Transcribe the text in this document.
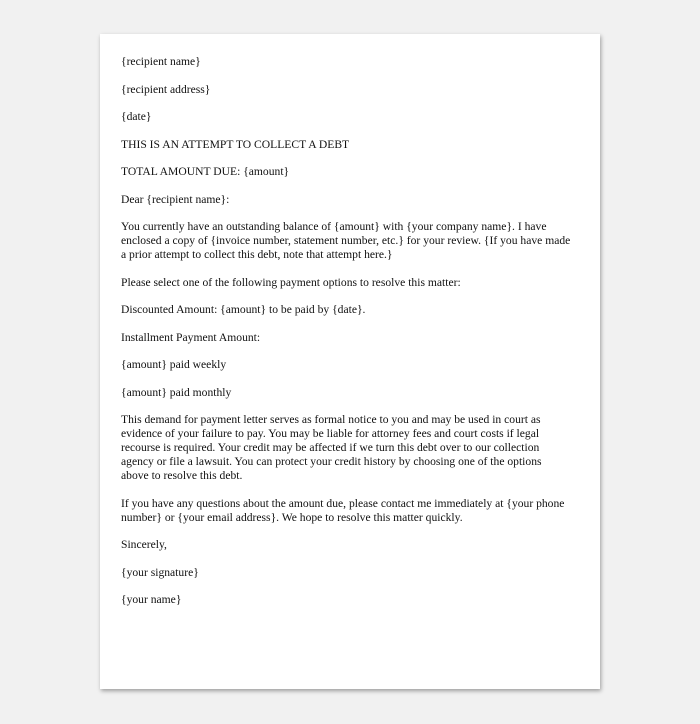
{recipient name}

{recipient address}

{date}

THIS IS AN ATTEMPT TO COLLECT A DEBT

TOTAL AMOUNT DUE: {amount}

Dear {recipient name}:

You currently have an outstanding balance of {amount} with {your company name}. I have
enclosed a copy of {invoice number, statement number, etc.} for your review. {If you have made
a prior attempt to collect this debt, note that attempt here.}

Please select one of the following payment options to resolve this matter:

Discounted Amount: {amount} to be paid by {date}.

Installment Payment Amount:

{amount} paid weekly

{amount} paid monthly

This demand for payment letter serves as formal notice to you and may be used in court as
evidence of your failure to pay. You may be liable for attorney fees and court costs if legal
recourse is required. Your credit may be affected if we turn this debt over to our collection
agency or file a lawsuit. You can protect your credit history by choosing one of the options
above to resolve this debt.

If you have any questions about the amount due, please contact me immediately at {your phone
number} or {your email address}. We hope to resolve this matter quickly.

Sincerely,

{your signature}

{your name}
